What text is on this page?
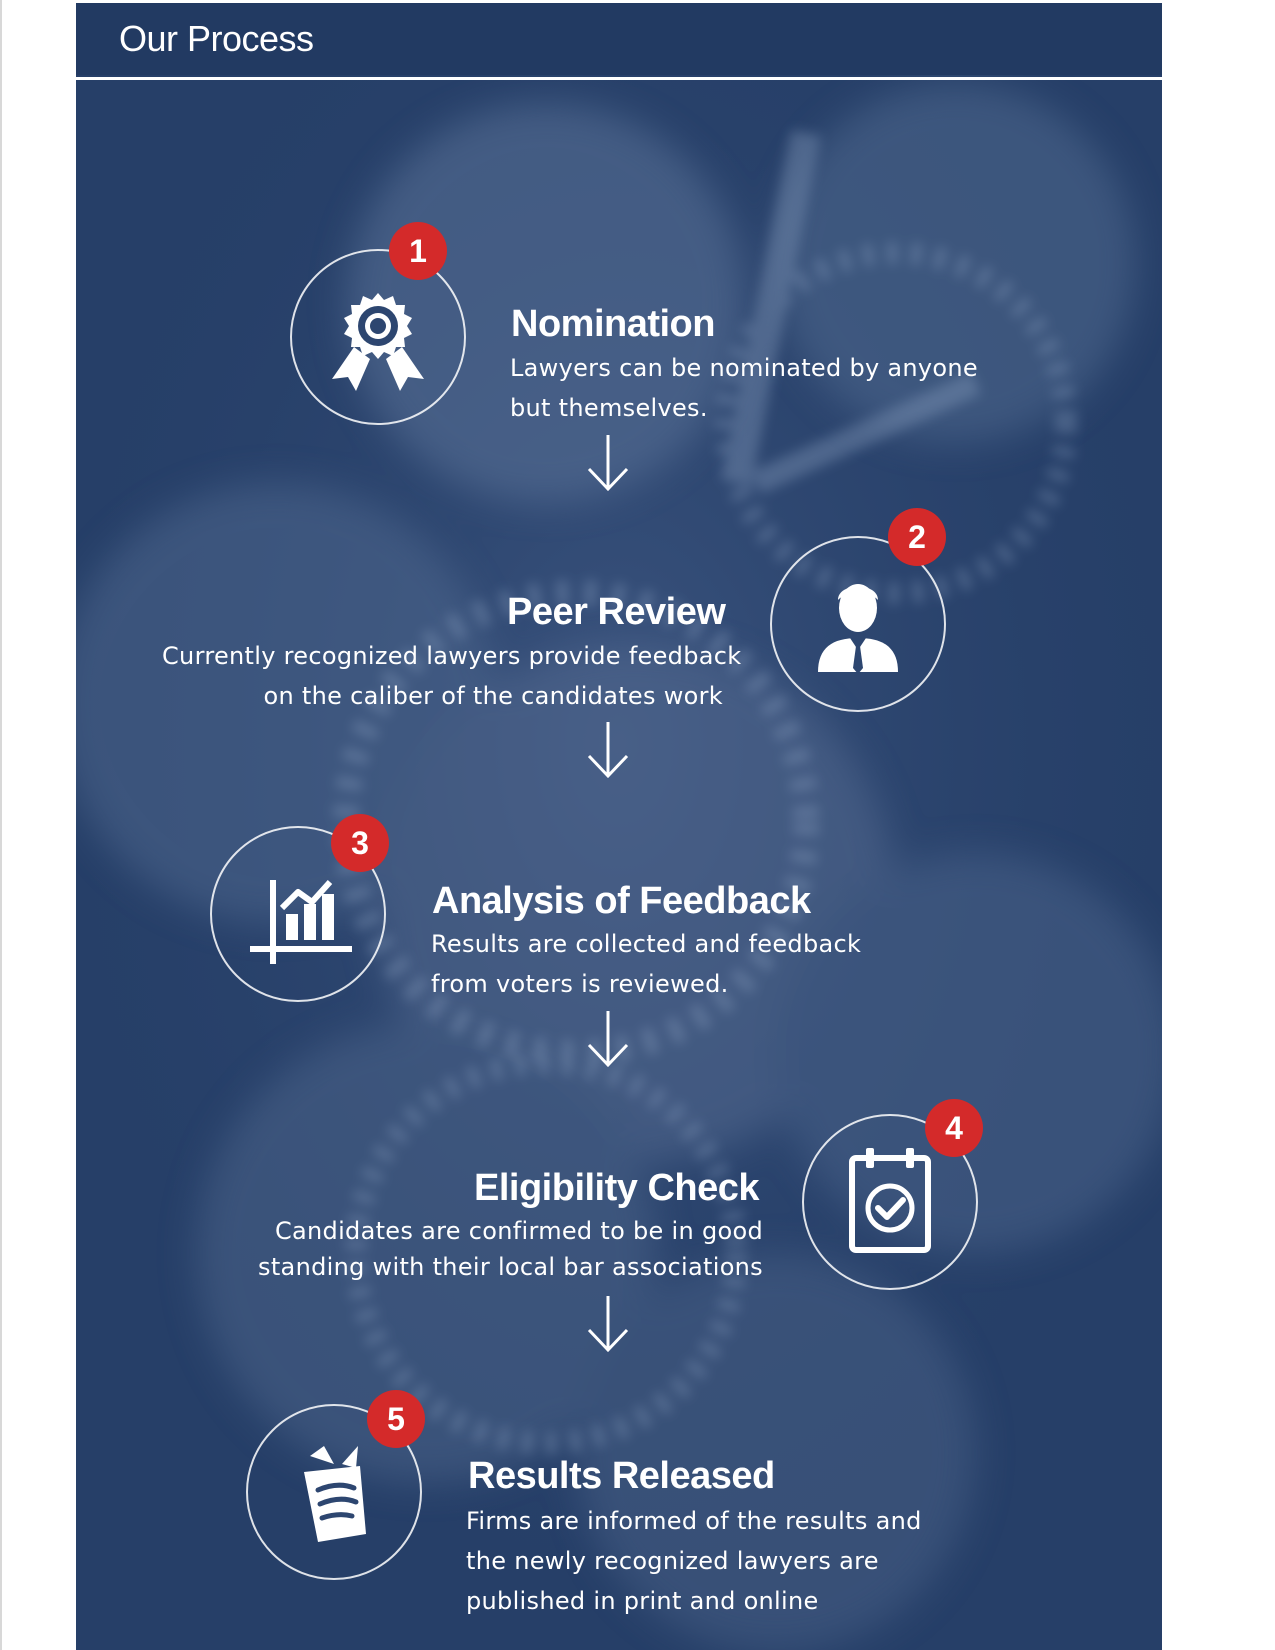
Our Process
1
Nomination
Lawyers can be nominated by anyone
but themselves.
2
Peer Review
Currently recognized lawyers provide feedback
on the caliber of the candidates work
3
Analysis of Feedback
Results are collected and feedback
from voters is reviewed.
4
Eligibility Check
Candidates are confirmed to be in good
standing with their local bar associations
5
Results Released
Firms are informed of the results and
the newly recognized lawyers are
published in print and online
